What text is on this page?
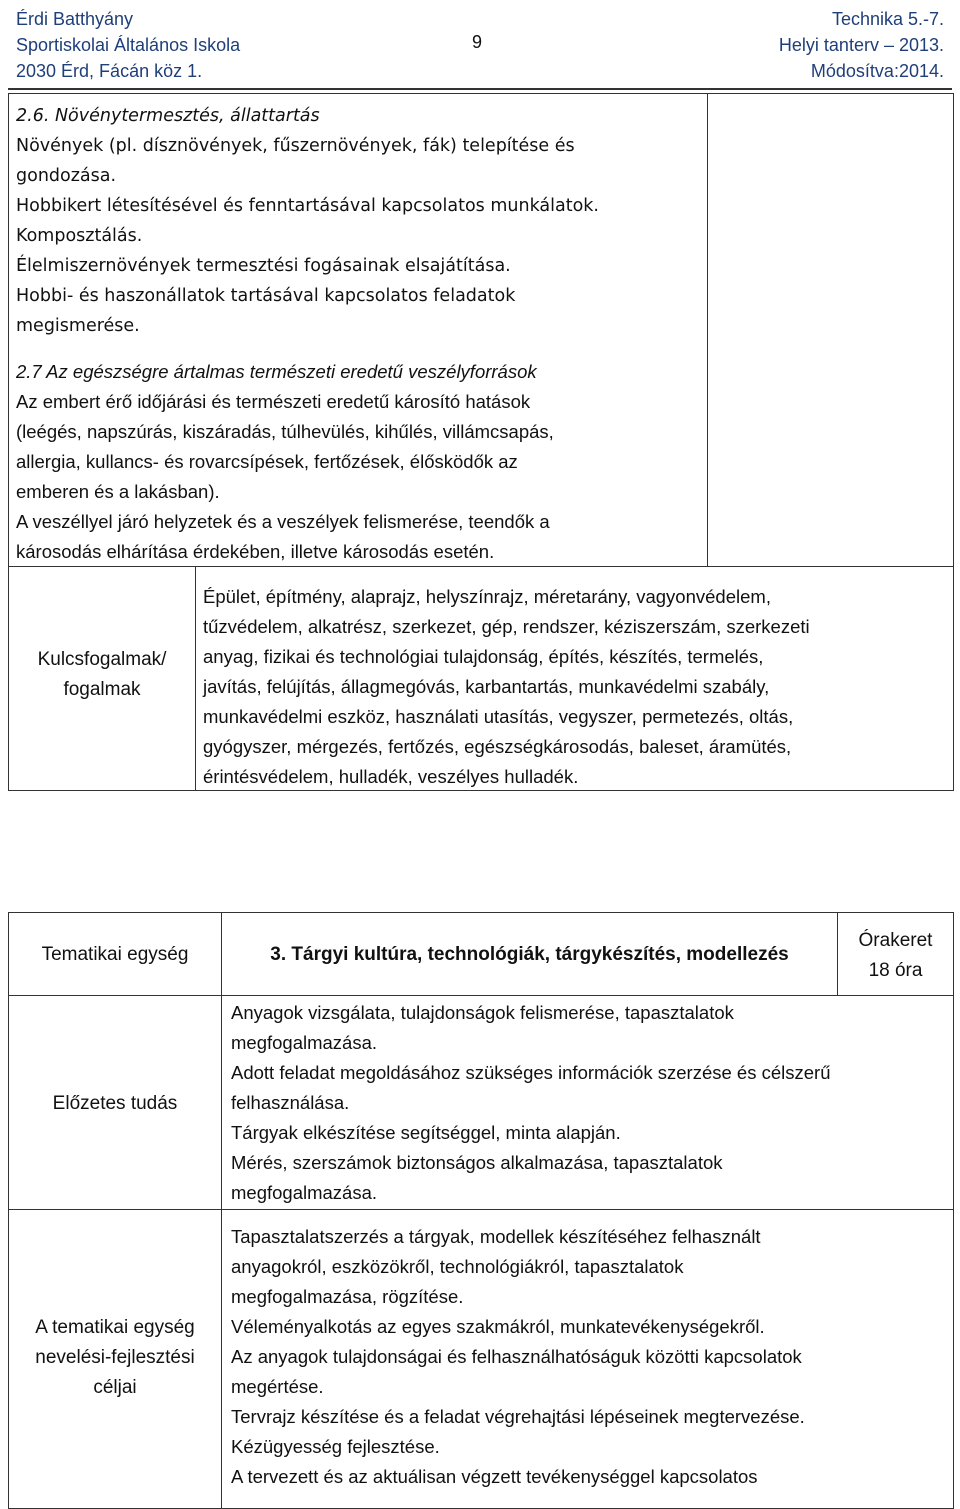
Érdi Batthyány
Sportiskolai Általános Iskola
2030 Érd, Fácán köz 1.
9
Technika 5.-7.
Helyi tanterv – 2013.
Módosítva:2014.
2.6. Növénytermesztés, állattartás
Növények (pl. dísznövények, fűszernövények, fák) telepítése és
gondozása.
Hobbikert létesítésével és fenntartásával kapcsolatos munkálatok.
Komposztálás.
Élelmiszernövények termesztési fogásainak elsajátítása.
Hobbi- és haszonállatok tartásával kapcsolatos feladatok
megismerése.
2.7 Az egészségre ártalmas természeti eredetű veszélyforrások
Az embert érő időjárási és természeti eredetű károsító hatások
(leégés, napszúrás, kiszáradás, túlhevülés, kihűlés, villámcsapás,
allergia, kullancs- és rovarcsípések, fertőzések, élősködők az
emberen és a lakásban).
A veszéllyel járó helyzetek és a veszélyek felismerése, teendők a
károsodás elhárítása érdekében, illetve károsodás esetén.
Kulcsfogalmak/
fogalmak
Épület, építmény, alaprajz, helyszínrajz, méretarány, vagyonvédelem,
tűzvédelem, alkatrész, szerkezet, gép, rendszer, kéziszerszám, szerkezeti
anyag, fizikai és technológiai tulajdonság, építés, készítés, termelés,
javítás, felújítás, állagmegóvás, karbantartás, munkavédelmi szabály,
munkavédelmi eszköz, használati utasítás, vegyszer, permetezés, oltás,
gyógyszer, mérgezés, fertőzés, egészségkárosodás, baleset, áramütés,
érintésvédelem, hulladék, veszélyes hulladék.
Tematikai egység	3. Tárgyi kultúra, technológiák, tárgykészítés, modellezés
Órakeret
18 óra
Előzetes tudás
Anyagok vizsgálata, tulajdonságok felismerése, tapasztalatok
megfogalmazása.
Adott feladat megoldásához szükséges információk szerzése és célszerű
felhasználása.
Tárgyak elkészítése segítséggel, minta alapján.
Mérés, szerszámok biztonságos alkalmazása, tapasztalatok
megfogalmazása.
A tematikai egység
nevelési-fejlesztési
céljai
Tapasztalatszerzés a tárgyak, modellek készítéséhez felhasznált
anyagokról, eszközökről, technológiákról, tapasztalatok
megfogalmazása, rögzítése.
Véleményalkotás az egyes szakmákról, munkatevékenységekről.
Az anyagok tulajdonságai és felhasználhatóságuk közötti kapcsolatok
megértése.
Tervrajz készítése és a feladat végrehajtási lépéseinek megtervezése.
Kézügyesség fejlesztése.
A tervezett és az aktuálisan végzett tevékenységgel kapcsolatos
